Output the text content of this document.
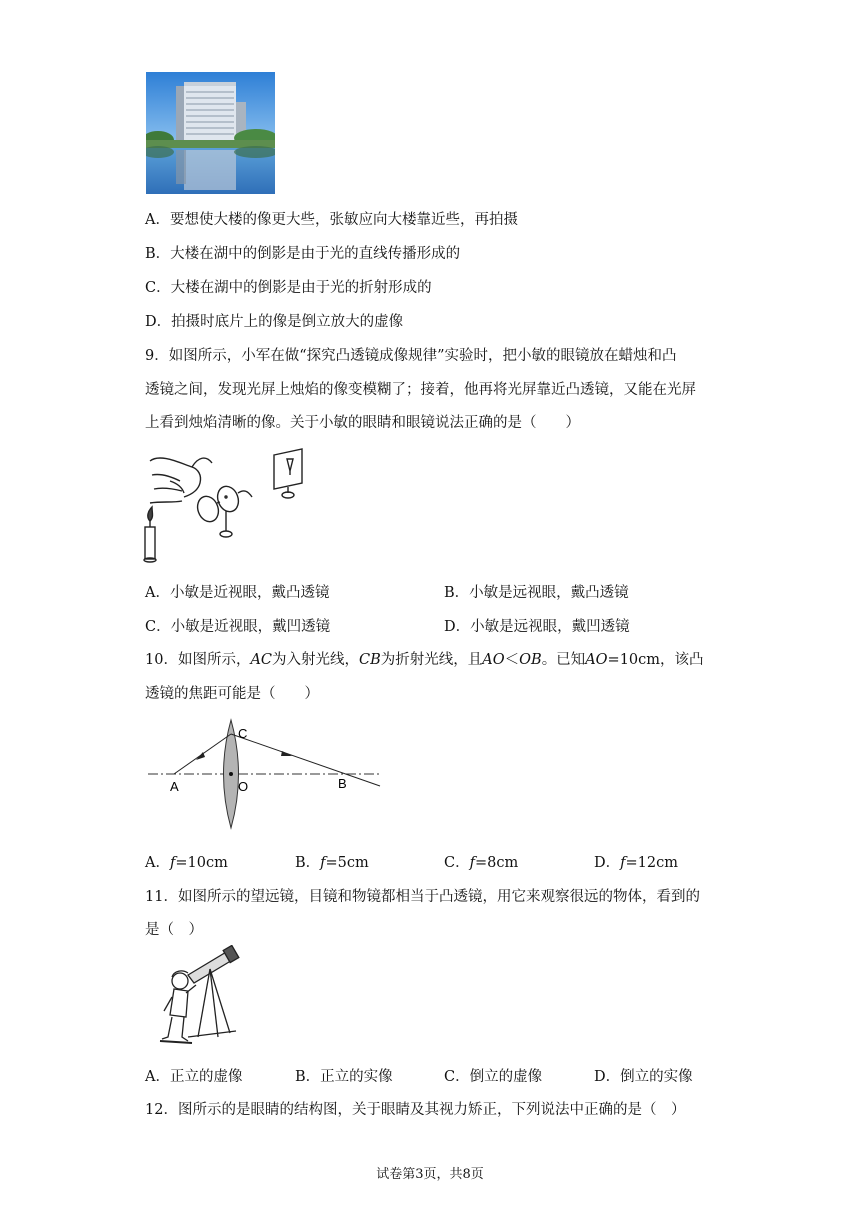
A．要想使大楼的像更大些，张敏应向大楼靠近些，再拍摄
B．大楼在湖中的倒影是由于光的直线传播形成的
C．大楼在湖中的倒影是由于光的折射形成的
D．拍摄时底片上的像是倒立放大的虚像
9．如图所示，小军在做“探究凸透镜成像规律”实验时，把小敏的眼镜放在蜡烛和凸
透镜之间，发现光屏上烛焰的像变模糊了；接着，他再将光屏靠近凸透镜，又能在光屏
上看到烛焰清晰的像。关于小敏的眼睛和眼镜说法正确的是（　　）
A．小敏是近视眼，戴凸透镜	B．小敏是远视眼，戴凸透镜
C．小敏是近视眼，戴凹透镜	D．小敏是远视眼，戴凹透镜
10．如图所示，AC为入射光线，CB为折射光线，且AO＜OB。已知AO=10cm，该凸
透镜的焦距可能是（　　）
A
C
O	B
A．f=10cm	B．f=5cm	C．f=8cm	D．f=12cm
11．如图所示的望远镜，目镜和物镜都相当于凸透镜，用它来观察很远的物体，看到的
是（　）
A．正立的虚像	B．正立的实像	C．倒立的虚像	D．倒立的实像
12．图所示的是眼睛的结构图，关于眼睛及其视力矫正，下列说法中正确的是（　）
试卷第3页，共8页
